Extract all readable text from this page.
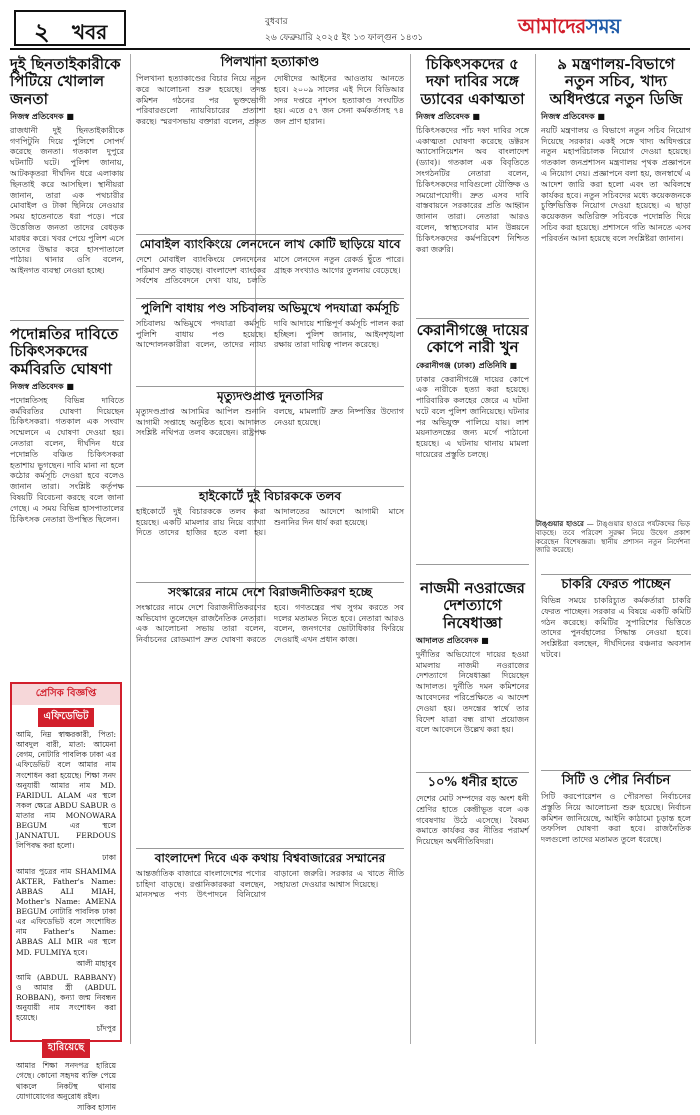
২ খবর	বুধবার
২৬ ফেব্রুয়ারি ২০২৫ ইং ১৩ ফাল্গুন ১৪৩১	আমাদেরসময়
দুই ছিনতাইকারীকে পিটিয়ে খোলাল জনতা
নিজস্ব প্রতিবেদক ■

রাজধানী দুই ছিনতাইকারীকে গণপিটুনি দিয়ে পুলিশে সোপর্দ করেছে জনতা। গতকাল দুপুরে ঘটনাটি ঘটে। পুলিশ জানায়, আটককৃতরা দীর্ঘদিন ধরে এলাকায় ছিনতাই করে আসছিল। স্থানীয়রা জানান, তারা এক পথচারীর মোবাইল ও টাকা ছিনিয়ে নেওয়ার সময় হাতেনাতে ধরা পড়ে। পরে উত্তেজিত জনতা তাদের বেধড়ক মারধর করে। খবর পেয়ে পুলিশ এসে তাদের উদ্ধার করে হাসপাতালে পাঠায়। থানার ওসি বলেন, আইনগত ব্যবস্থা নেওয়া হচ্ছে।

পদোন্নতির দাবিতে চিকিৎসকদের কর্মবিরতি ঘোষণা
নিজস্ব প্রতিবেদক ■

পদোন্নতিসহ বিভিন্ন দাবিতে কর্মবিরতির ঘোষণা দিয়েছেন চিকিৎসকরা। গতকাল এক সংবাদ সম্মেলনে এ ঘোষণা দেওয়া হয়। নেতারা বলেন, দীর্ঘদিন ধরে পদোন্নতি বঞ্চিত চিকিৎসকরা হতাশায় ভুগছেন। দাবি মানা না হলে কঠোর কর্মসূচি দেওয়া হবে বলেও জানান তারা। সংশ্লিষ্ট কর্তৃপক্ষ বিষয়টি বিবেচনা করছে বলে জানা গেছে। এ সময় বিভিন্ন হাসপাতালের চিকিৎসক নেতারা উপস্থিত ছিলেন।

প্রেসিক বিজ্ঞপ্তি
এফিডেভিট

আমি, নিম্ন স্বাক্ষরকারী, পিতা: আবদুল বারী, মাতা: আমেনা বেগম, নোটারি পাবলিক ঢাকা এর এফিডেভিট বলে আমার নাম সংশোধন করা হয়েছে। শিক্ষা সনদ অনুযায়ী আমার নাম MD. FARIDUL ALAM এর স্থলে সকল ক্ষেত্রে ABDU SABUR ও মাতার নাম MONOWARA BEGUM এর স্থলে JANNATUL FERDOUS লিপিবদ্ধ করা হলো।

ঢাকা

আমার পুত্রের নাম SHAMIMA AKTER, Father's Name: ABBAS ALI MIAH, Mother's Name: AMENA BEGUM নোটারি পাবলিক ঢাকা এর এফিডেভিট বলে সংশোধিত নাম Father's Name: ABBAS ALI MIR এর স্থলে MD. FULMIYA হবে।

আলী মাহাবুব

আমি (ABDUL RABBANY) ও আমার স্ত্রী (ABDUL ROBBAN), কন্যা জন্ম নিবন্ধন অনুযায়ী নাম সংশোধন করা হয়েছে।

চাঁদপুর

হারিয়েছে

আমার শিক্ষা সনদপত্র হারিয়ে গেছে। কোনো সহৃদয় ব্যক্তি পেয়ে থাকলে নিকটস্থ থানায় যোগাযোগের অনুরোধ রইল।

সাকিব হাসান

পিলখানা হত্যাকাণ্ড

পিলখানা হত্যাকাণ্ডের বিচার নিয়ে নতুন করে আলোচনা শুরু হয়েছে। তদন্ত কমিশন গঠনের পর ভুক্তভোগী পরিবারগুলো ন্যায়বিচারের প্রত্যাশা করছে। স্মরণসভায় বক্তারা বলেন, প্রকৃত দোষীদের আইনের আওতায় আনতে হবে। ২০০৯ সালের এই দিনে বিডিআর সদর দপ্তরে নৃশংস হত্যাকাণ্ড সংঘটিত হয়। এতে ৫৭ জন সেনা কর্মকর্তাসহ ৭৪ জন প্রাণ হারান।

মোবাইল ব্যাংকিংয়ে লেনদেনে লাখ কোটি ছাড়িয়ে যাবে

দেশে মোবাইল ব্যাংকিংয়ে লেনদেনের পরিমাণ দ্রুত বাড়ছে। বাংলাদেশ ব্যাংকের সর্বশেষ প্রতিবেদনে দেখা যায়, চলতি মাসে লেনদেন নতুন রেকর্ড ছুঁতে পারে। গ্রাহক সংখ্যাও আগের তুলনায় বেড়েছে।

পুলিশি বাধায় পণ্ড সচিবালয় অভিমুখে পদযাত্রা কর্মসূচি

সচিবালয় অভিমুখে পদযাত্রা কর্মসূচি পুলিশি বাধায় পণ্ড হয়েছে। আন্দোলনকারীরা বলেন, তাদের ন্যায্য দাবি আদায়ে শান্তিপূর্ণ কর্মসূচি পালন করা হচ্ছিল। পুলিশ জানায়, আইনশৃঙ্খলা রক্ষায় তারা দায়িত্ব পালন করেছে।

মৃত্যুদণ্ডপ্রাপ্ত দুনতাসির

মৃত্যুদণ্ডপ্রাপ্ত আসামির আপিল শুনানি আগামী সপ্তাহে অনুষ্ঠিত হবে। আদালত সংশ্লিষ্ট নথিপত্র তলব করেছেন। রাষ্ট্রপক্ষ বলছে, মামলাটি দ্রুত নিষ্পত্তির উদ্যোগ নেওয়া হয়েছে।

হাইকোর্টে দুই বিচারককে তলব

হাইকোর্টে দুই বিচারককে তলব করা হয়েছে। একটি মামলার রায় নিয়ে ব্যাখ্যা দিতে তাদের হাজির হতে বলা হয়। আদালতের আদেশে আগামী মাসে শুনানির দিন ধার্য করা হয়েছে।

সংস্কারের নামে দেশে বিরাজনীতিকরণ হচ্ছে

সংস্কারের নামে দেশে বিরাজনীতিকরণের অভিযোগ তুলেছেন রাজনৈতিক নেতারা। এক আলোচনা সভায় তারা বলেন, নির্বাচনের রোডম্যাপ দ্রুত ঘোষণা করতে হবে। গণতন্ত্রের পথ সুগম করতে সব দলের মতামত নিতে হবে। নেতারা আরও বলেন, জনগণের ভোটাধিকার ফিরিয়ে দেওয়াই এখন প্রধান কাজ।

বাংলাদেশ দিবে এক কথায় বিশ্ববাজারের সম্মানের

আন্তর্জাতিক বাজারে বাংলাদেশের পণ্যের চাহিদা বাড়ছে। রপ্তানিকারকরা বলছেন, মানসম্মত পণ্য উৎপাদনে বিনিয়োগ বাড়ানো জরুরি। সরকার এ খাতে নীতি সহায়তা দেওয়ার আশ্বাস দিয়েছে।

চিকিৎসকদের ৫ দফা দাবির সঙ্গে ড্যাবের একাত্মতা
নিজস্ব প্রতিবেদক ■

চিকিৎসকদের পাঁচ দফা দাবির সঙ্গে একাত্মতা ঘোষণা করেছে ডক্টরস অ্যাসোসিয়েশন অব বাংলাদেশ (ড্যাব)। গতকাল এক বিবৃতিতে সংগঠনটির নেতারা বলেন, চিকিৎসকদের দাবিগুলো যৌক্তিক ও সময়োপযোগী। দ্রুত এসব দাবি বাস্তবায়নে সরকারের প্রতি আহ্বান জানান তারা। নেতারা আরও বলেন, স্বাস্থ্যসেবার মান উন্নয়নে চিকিৎসকদের কর্মপরিবেশ নিশ্চিত করা জরুরি।

কেরানীগঞ্জে দায়ের কোপে নারী খুন
কেরানীগঞ্জ (ঢাকা) প্রতিনিধি ■

ঢাকার কেরানীগঞ্জে দায়ের কোপে এক নারীকে হত্যা করা হয়েছে। পারিবারিক কলহের জেরে এ ঘটনা ঘটে বলে পুলিশ জানিয়েছে। ঘটনার পর অভিযুক্ত পালিয়ে যায়। লাশ ময়নাতদন্তের জন্য মর্গে পাঠানো হয়েছে। এ ঘটনায় থানায় মামলা দায়েরের প্রস্তুতি চলছে।

নাজমী নওরাজের দেশত্যাগে নিষেধাজ্ঞা
আদালত প্রতিবেদক ■

দুর্নীতির অভিযোগে দায়ের হওয়া মামলায় নাজমী নওরাজের দেশত্যাগে নিষেধাজ্ঞা দিয়েছেন আদালত। দুর্নীতি দমন কমিশনের আবেদনের পরিপ্রেক্ষিতে এ আদেশ দেওয়া হয়। তদন্তের স্বার্থে তার বিদেশ যাত্রা বন্ধ রাখা প্রয়োজন বলে আবেদনে উল্লেখ করা হয়।

১০% ধনীর হাতে

দেশের মোট সম্পদের বড় অংশ ধনী শ্রেণির হাতে কেন্দ্রীভূত বলে এক গবেষণায় উঠে এসেছে। বৈষম্য কমাতে কার্যকর কর নীতির পরামর্শ দিয়েছেন অর্থনীতিবিদরা।

৯ মন্ত্রণালয়-বিভাগে নতুন সচিব, খাদ্য অধিদপ্তরে নতুন ডিজি
নিজস্ব প্রতিবেদক ■

নয়টি মন্ত্রণালয় ও বিভাগে নতুন সচিব নিয়োগ দিয়েছে সরকার। একই সঙ্গে খাদ্য অধিদপ্তরে নতুন মহাপরিচালক নিয়োগ দেওয়া হয়েছে। গতকাল জনপ্রশাসন মন্ত্রণালয় পৃথক প্রজ্ঞাপনে এ নিয়োগ দেয়। প্রজ্ঞাপনে বলা হয়, জনস্বার্থে এ আদেশ জারি করা হলো এবং তা অবিলম্বে কার্যকর হবে। নতুন সচিবদের মধ্যে কয়েকজনকে চুক্তিভিত্তিক নিয়োগ দেওয়া হয়েছে। এ ছাড়া কয়েকজন অতিরিক্ত সচিবকে পদোন্নতি দিয়ে সচিব করা হয়েছে। প্রশাসনে গতি আনতে এসব পরিবর্তন আনা হয়েছে বলে সংশ্লিষ্টরা জানান।

চাকরি ফেরত পাচ্ছেন

বিভিন্ন সময়ে চাকরিচ্যুত কর্মকর্তারা চাকরি ফেরত পাচ্ছেন। সরকার এ বিষয়ে একটি কমিটি গঠন করেছে। কমিটির সুপারিশের ভিত্তিতে তাদের পুনর্বহালের সিদ্ধান্ত নেওয়া হবে। সংশ্লিষ্টরা বলছেন, দীর্ঘদিনের বঞ্চনার অবসান ঘটবে।

সিটি ও পৌর নির্বাচন

সিটি করপোরেশন ও পৌরসভা নির্বাচনের প্রস্তুতি নিয়ে আলোচনা শুরু হয়েছে। নির্বাচন কমিশন জানিয়েছে, আইনি কাঠামো চূড়ান্ত হলে তফসিল ঘোষণা করা হবে। রাজনৈতিক দলগুলো তাদের মতামত তুলে ধরেছে।

টাঙ্গুয়ার হাওরে — টাঙ্গুয়ার হাওরে পর্যটকদের ভিড় বাড়ছে। তবে পরিবেশ সুরক্ষা নিয়ে উদ্বেগ প্রকাশ করেছেন বিশেষজ্ঞরা। স্থানীয় প্রশাসন নতুন নির্দেশনা জারি করেছে।
